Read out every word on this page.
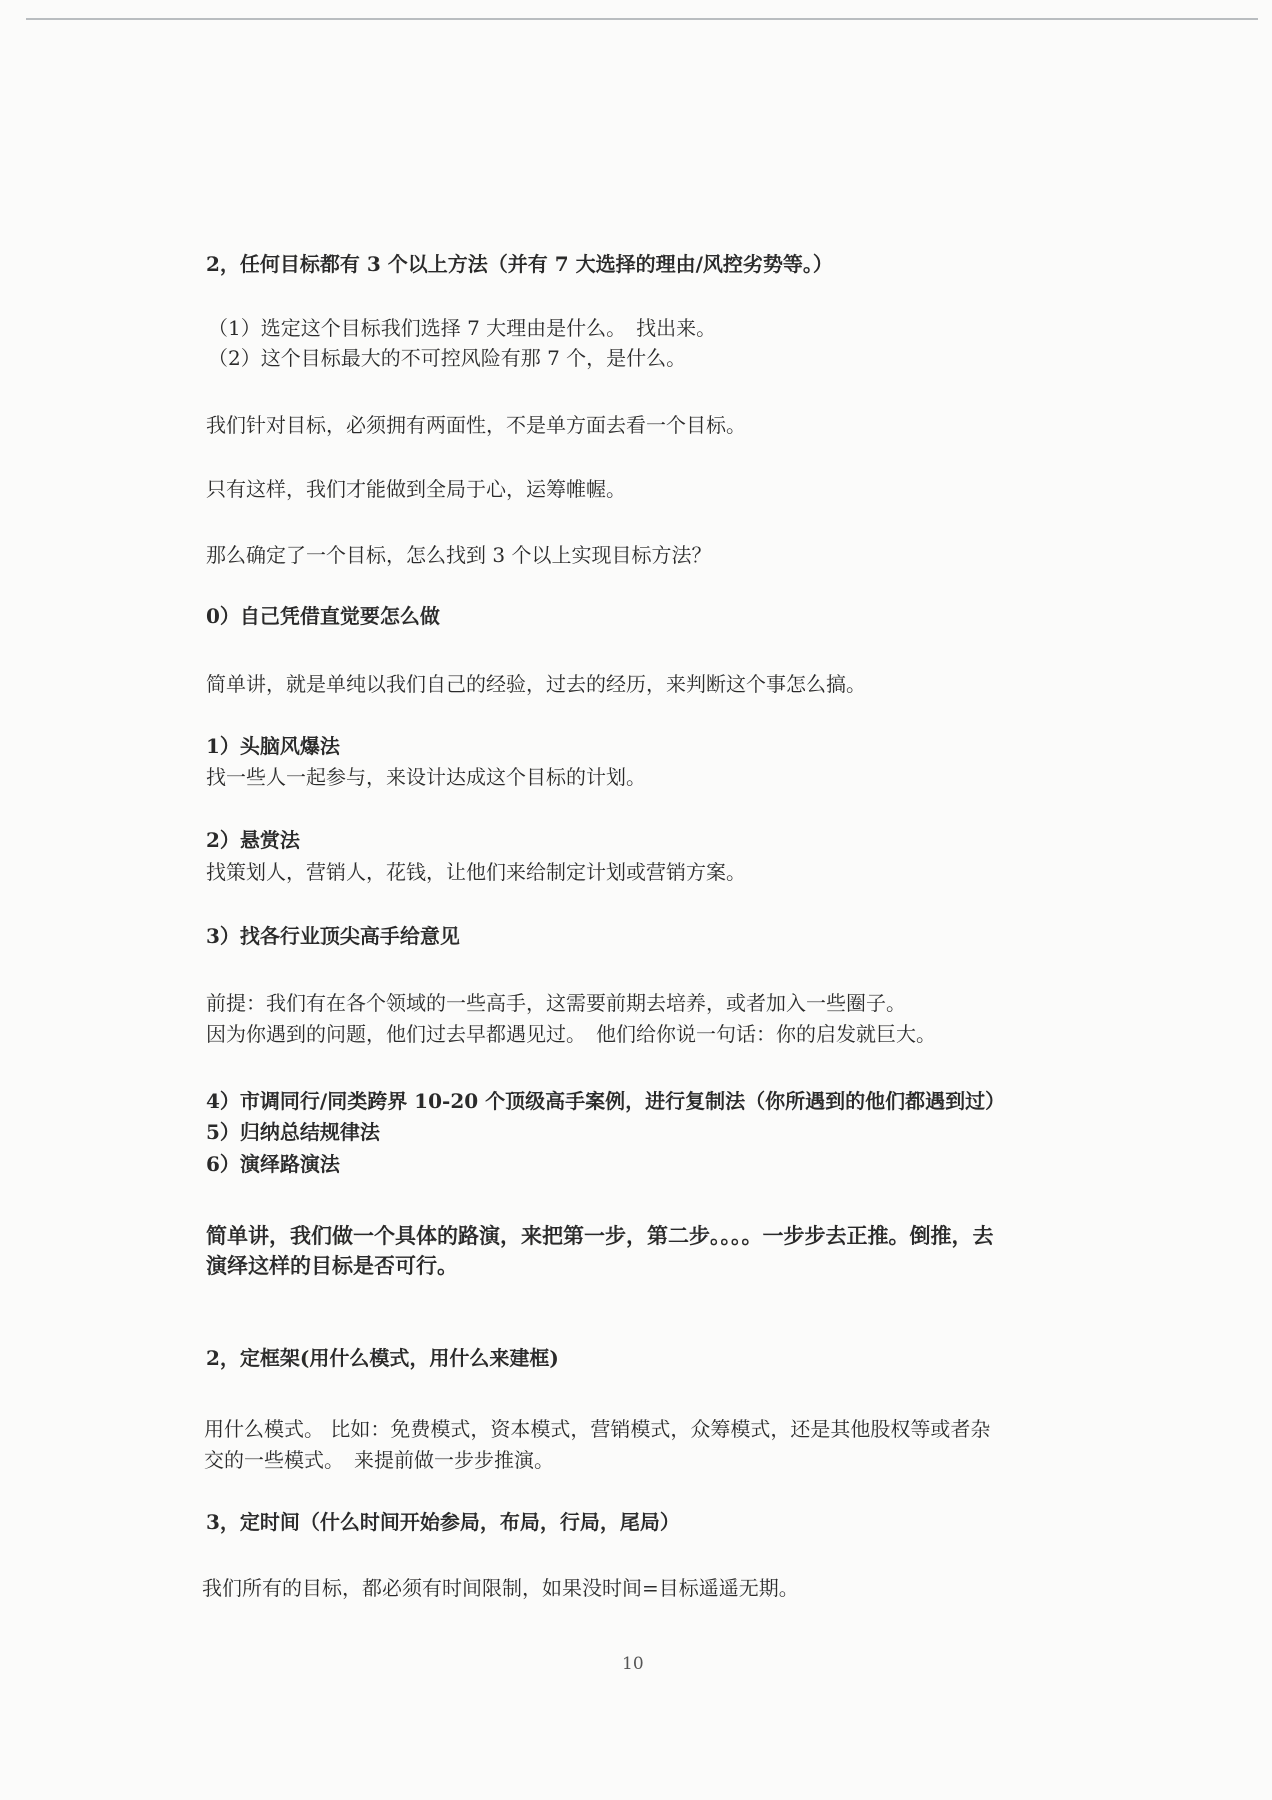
2，任何目标都有 3 个以上方法（并有 7 大选择的理由/风控劣势等。）
（1）选定这个目标我们选择 7 大理由是什么。　找出来。
（2）这个目标最大的不可控风险有那 7 个，是什么。
我们针对目标，必须拥有两面性，不是单方面去看一个目标。
只有这样，我们才能做到全局于心，运筹帷幄。
那么确定了一个目标，怎么找到 3 个以上实现目标方法？
0）自己凭借直觉要怎么做
简单讲，就是单纯以我们自己的经验，过去的经历，来判断这个事怎么搞。
1）头脑风爆法
找一些人一起参与，来设计达成这个目标的计划。
2）悬赏法
找策划人，营销人，花钱，让他们来给制定计划或营销方案。
3）找各行业顶尖高手给意见
前提：我们有在各个领域的一些高手，这需要前期去培养，或者加入一些圈子。
因为你遇到的问题，他们过去早都遇见过。　他们给你说一句话：你的启发就巨大。
4）市调同行/同类跨界 10-20 个顶级高手案例，进行复制法（你所遇到的他们都遇到过）
5）归纳总结规律法
6）演绎路演法
简单讲，我们做一个具体的路演，来把第一步，第二步。。。。一步步去正推。倒推，去
演绎这样的目标是否可行。
2，定框架(用什么模式，用什么来建框)
用什么模式。 比如：免费模式，资本模式，营销模式，众筹模式，还是其他股权等或者杂
交的一些模式。　来提前做一步步推演。
3，定时间（什么时间开始参局，布局，行局，尾局）
我们所有的目标，都必须有时间限制，如果没时间=目标遥遥无期。
10
